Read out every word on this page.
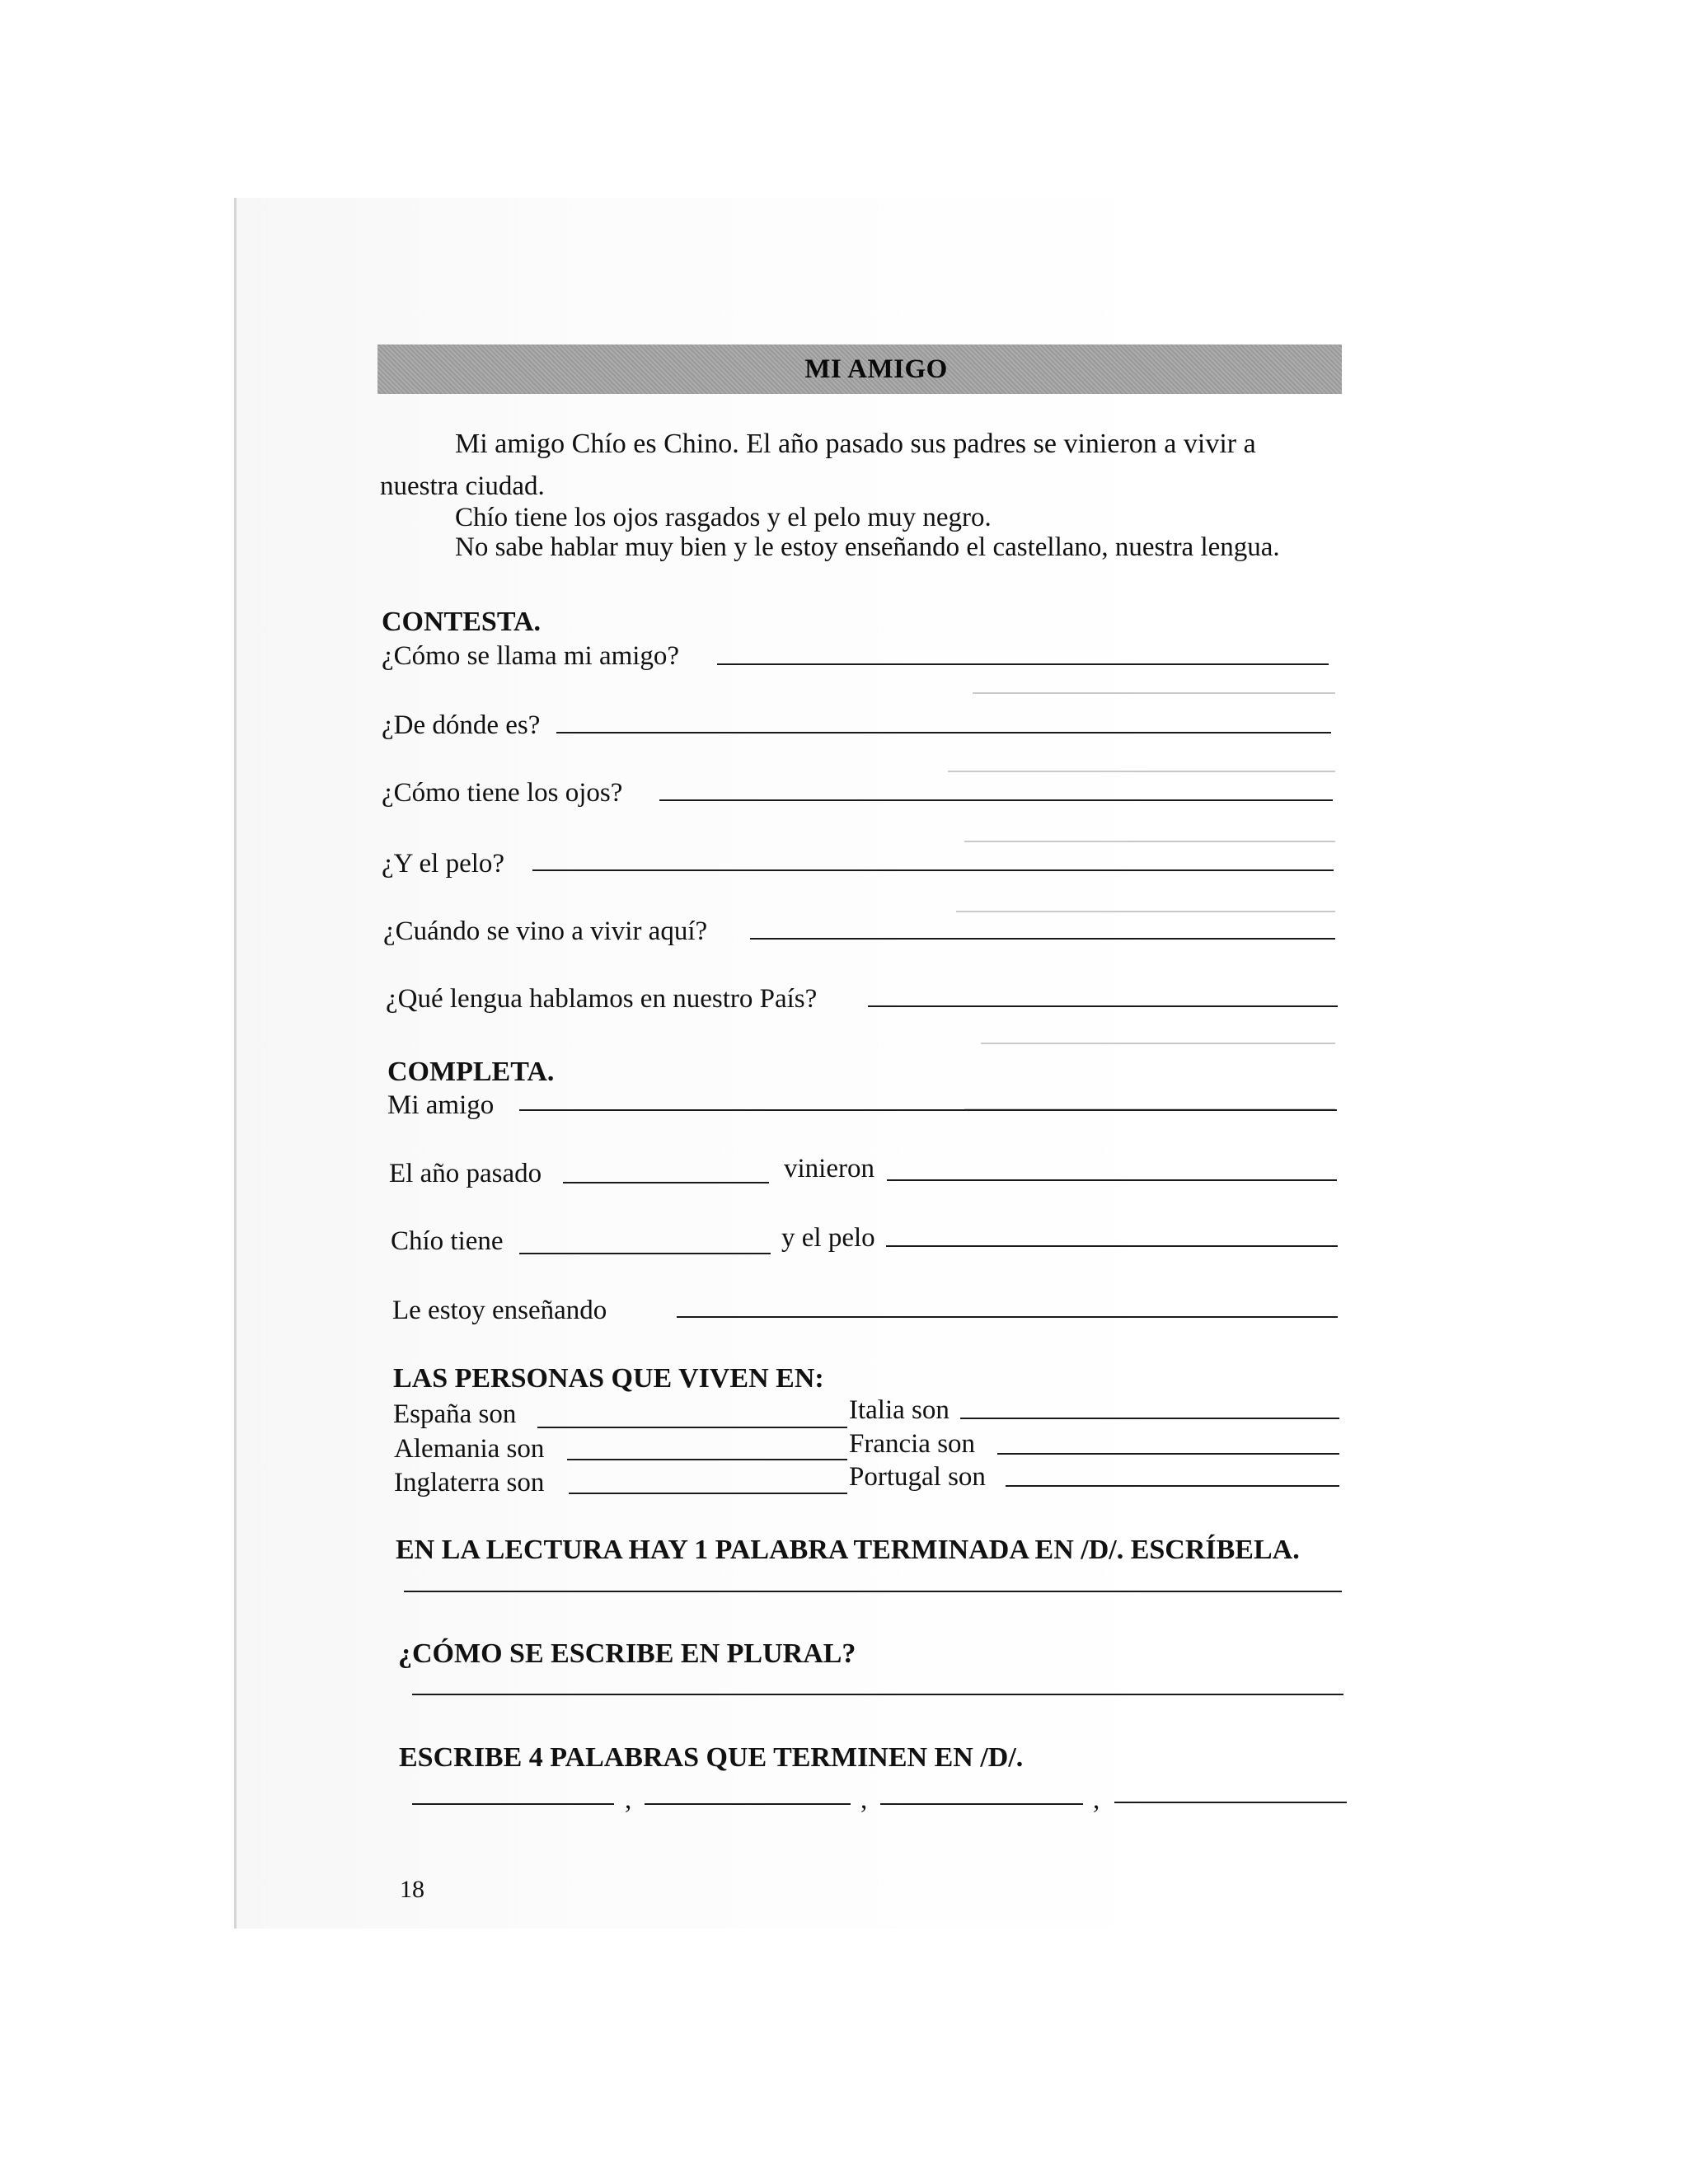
MI AMIGO
Mi amigo Chío es Chino. El año pasado sus padres se vinieron a vivir a
nuestra ciudad.
Chío tiene los ojos rasgados y el pelo muy negro.
No sabe hablar muy bien y le estoy enseñando el castellano, nuestra lengua.
CONTESTA.
¿Cómo se llama mi amigo?
¿De dónde es?
¿Cómo tiene los ojos?
¿Y el pelo?
¿Cuándo se vino a vivir aquí?
¿Qué lengua hablamos en nuestro País?
COMPLETA.
Mi amigo
El año pasado	vinieron
Chío tiene	y el pelo
Le estoy enseñando
LAS PERSONAS QUE VIVEN EN:
España son	Italia son
Alemania son	Francia son
Inglaterra son	Portugal son
EN LA LECTURA HAY 1 PALABRA TERMINADA EN /D/. ESCRÍBELA.
¿CÓMO SE ESCRIBE EN PLURAL?
ESCRIBE 4 PALABRAS QUE TERMINEN EN /D/.
,	,	,
18
